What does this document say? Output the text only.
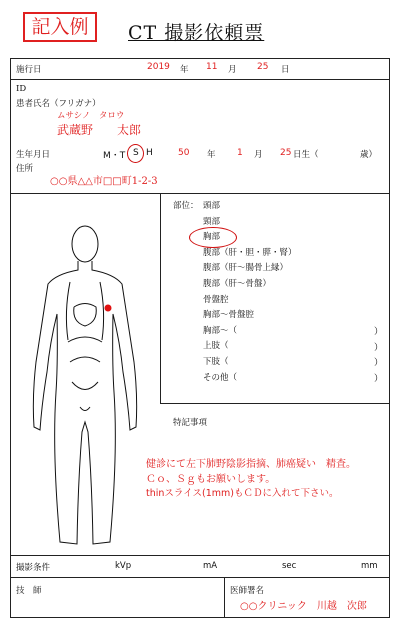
記入例	CT 撮影依頼票
施行日	2019 年 11 月 25 日
ID
患者氏名（フリガナ）
ムサシノ　タロウ
武蔵野　　太郎
生年月日	M・T S H	50 年 1 月 25 日生（	歳）
住所
○○県△△市□□町1-2-3
部位： 頭部
頸部
胸部
腹部（肝・胆・膵・腎）
腹部（肝〜腸骨上縁）
腹部（肝〜骨盤）
骨盤腔
胸部〜骨盤腔
胸部〜（
上肢（
下肢（
その他（
）
）
）
）
特記事項
健診にて左下肺野陰影指摘、肺癌疑い　精査。
Ｃｏ、Ｓｇもお願いします。
thinスライス(1mm)もＣＤに入れて下さい。
撮影条件	kVp	mA	sec	mm
技　師	医師署名
○○クリニック　川越　次郎
